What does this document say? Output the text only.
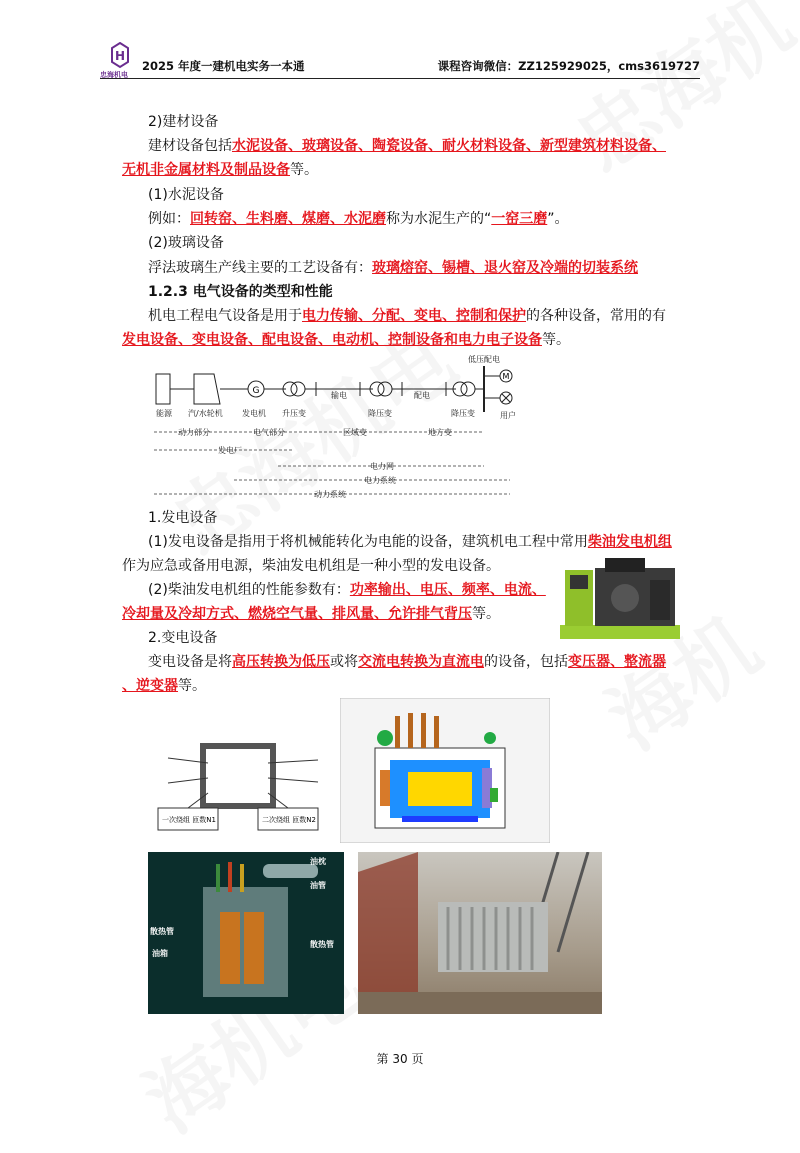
H
忠海机电
2025 年度一建机电实务一本通	课程咨询微信：ZZ125929025，cms3619727
2)建材设备
建材设备包括水泥设备、玻璃设备、陶瓷设备、耐火材料设备、新型建筑材料设备、
无机非金属材料及制品设备等。
(1)水泥设备
例如：回转窑、生料磨、煤磨、水泥磨称为水泥生产的“一窑三磨”。
(2)玻璃设备
浮法玻璃生产线主要的工艺设备有：玻璃熔窑、锡槽、退火窑及冷端的切装系统
1.2.3 电气设备的类型和性能
机电工程电气设备是用于电力传输、分配、变电、控制和保护的各种设备，常用的有
发电设备、变电设备、配电设备、电动机、控制设备和电力电子设备等。
G
M
能源 汽/水轮机 发电机 升压变
输电
降压变
配电
降压变
低压配电
用户
动力部分	电气部分	区域变	地方变
发电厂
电力网
电力系统
动力系统
1.发电设备
(1)发电设备是指用于将机械能转化为电能的设备，建筑机电工程中常用柴油发电机组
作为应急或备用电源，柴油发电机组是一种小型的发电设备。
(2)柴油发电机组的性能参数有：功率输出、电压、频率、电流、
冷却量及冷却方式、燃烧空气量、排风量、允许排气背压等。
2.变电设备
变电设备是将高压转换为低压或将交流电转换为直流电的设备，包括变压器、整流器
、逆变器等。
一次绕组 匝数N1	二次绕组 匝数N2
油枕
油管
散热管
油箱
散热管
第 30 页
